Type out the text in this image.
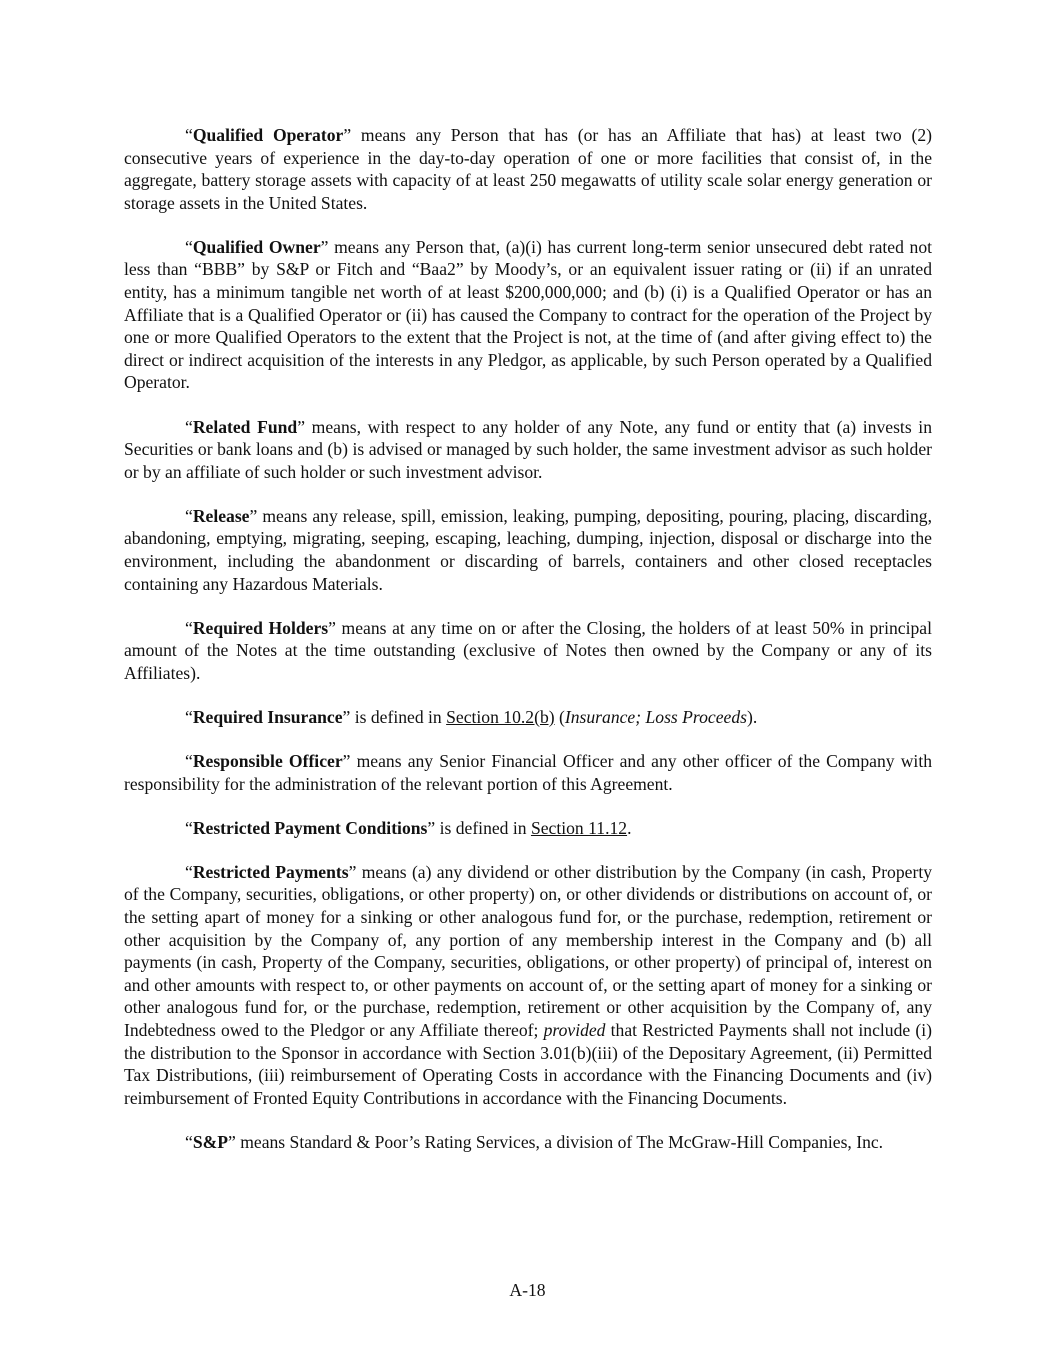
“Qualified Operator” means any Person that has (or has an Affiliate that has) at least two (2) consecutive years of experience in the day-to-day operation of one or more facilities that consist of, in the aggregate, battery storage assets with capacity of at least 250 megawatts of utility scale solar energy generation or storage assets in the United States.

“Qualified Owner” means any Person that, (a)(i) has current long-term senior unsecured debt rated not less than “BBB” by S&P or Fitch and “Baa2” by Moody’s, or an equivalent issuer rating or (ii) if an unrated entity, has a minimum tangible net worth of at least $200,000,000; and (b) (i) is a Qualified Operator or has an Affiliate that is a Qualified Operator or (ii) has caused the Company to contract for the operation of the Project by one or more Qualified Operators to the extent that the Project is not, at the time of (and after giving effect to) the direct or indirect acquisition of the interests in any Pledgor, as applicable, by such Person operated by a Qualified Operator.

“Related Fund” means, with respect to any holder of any Note, any fund or entity that (a) invests in Securities or bank loans and (b) is advised or managed by such holder, the same investment advisor as such holder or by an affiliate of such holder or such investment advisor.

“Release” means any release, spill, emission, leaking, pumping, depositing, pouring, placing, discarding, abandoning, emptying, migrating, seeping, escaping, leaching, dumping, injection, disposal or discharge into the environment, including the abandonment or discarding of barrels, containers and other closed receptacles containing any Hazardous Materials.

“Required Holders” means at any time on or after the Closing, the holders of at least 50% in principal amount of the Notes at the time outstanding (exclusive of Notes then owned by the Company or any of its Affiliates).

“Required Insurance” is defined in Section 10.2(b) (Insurance; Loss Proceeds).

“Responsible Officer” means any Senior Financial Officer and any other officer of the Company with responsibility for the administration of the relevant portion of this Agreement.

“Restricted Payment Conditions” is defined in Section 11.12.

“Restricted Payments” means (a) any dividend or other distribution by the Company (in cash, Property of the Company, securities, obligations, or other property) on, or other dividends or distributions on account of, or the setting apart of money for a sinking or other analogous fund for, or the purchase, redemption, retirement or other acquisition by the Company of, any portion of any membership interest in the Company and (b) all payments (in cash, Property of the Company, securities, obligations, or other property) of principal of, interest on and other amounts with respect to, or other payments on account of, or the setting apart of money for a sinking or other analogous fund for, or the purchase, redemption, retirement or other acquisition by the Company of, any Indebtedness owed to the Pledgor or any Affiliate thereof; provided that Restricted Payments shall not include (i) the distribution to the Sponsor in accordance with Section 3.01(b)(iii) of the Depositary Agreement, (ii) Permitted Tax Distributions, (iii) reimbursement of Operating Costs in accordance with the Financing Documents and (iv) reimbursement of Fronted Equity Contributions in accordance with the Financing Documents.

“S&P” means Standard & Poor’s Rating Services, a division of The McGraw-Hill Companies, Inc.

A-18
